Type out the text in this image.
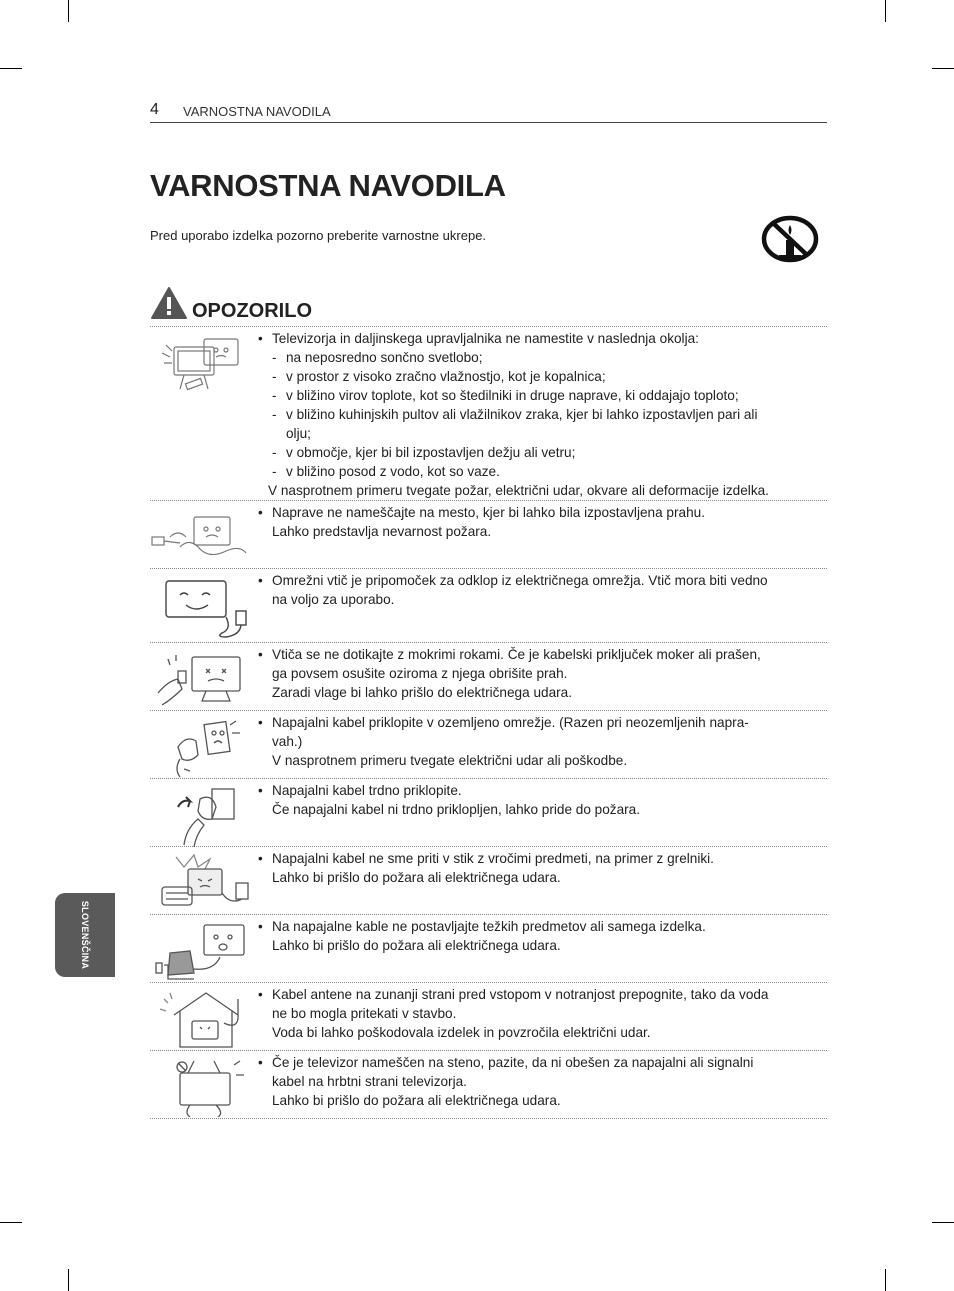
4 VARNOSTNA NAVODILA
VARNOSTNA NAVODILA
Pred uporabo izdelka pozorno preberite varnostne ukrepe.
OPOZORILO
• Televizorja in daljinskega upravljalnika ne namestite v naslednja okolja:
- na neposredno sončno svetlobo;
- v prostor z visoko zračno vlažnostjo, kot je kopalnica;
- v bližino virov toplote, kot so štedilniki in druge naprave, ki oddajajo toploto;
- v bližino kuhinjskih pultov ali vlažilnikov zraka, kjer bi lahko izpostavljen pari ali
olju;
- v območje, kjer bi bil izpostavljen dežju ali vetru;
- v bližino posod z vodo, kot so vaze.
V nasprotnem primeru tvegate požar, električni udar, okvare ali deformacije izdelka.
• Naprave ne nameščajte na mesto, kjer bi lahko bila izpostavljena prahu.
Lahko predstavlja nevarnost požara.
• Omrežni vtič je pripomoček za odklop iz električnega omrežja. Vtič mora biti vedno
na voljo za uporabo.
• Vtiča se ne dotikajte z mokrimi rokami. Če je kabelski priključek moker ali prašen,
ga povsem osušite oziroma z njega obrišite prah.
Zaradi vlage bi lahko prišlo do električnega udara.
• Napajalni kabel priklopite v ozemljeno omrežje. (Razen pri neozemljenih napra-
vah.)
V nasprotnem primeru tvegate električni udar ali poškodbe.
• Napajalni kabel trdno priklopite.
Če napajalni kabel ni trdno priklopljen, lahko pride do požara.
• Napajalni kabel ne sme priti v stik z vročimi predmeti, na primer z grelniki.
Lahko bi prišlo do požara ali električnega udara.
• Na napajalne kable ne postavljajte težkih predmetov ali samega izdelka.
Lahko bi prišlo do požara ali električnega udara.
• Kabel antene na zunanji strani pred vstopom v notranjost prepognite, tako da voda
ne bo mogla pritekati v stavbo.
Voda bi lahko poškodovala izdelek in povzročila električni udar.
• Če je televizor nameščen na steno, pazite, da ni obešen za napajalni ali signalni
kabel na hrbtni strani televizorja.
Lahko bi prišlo do požara ali električnega udara.
SLOVENŠČINA
